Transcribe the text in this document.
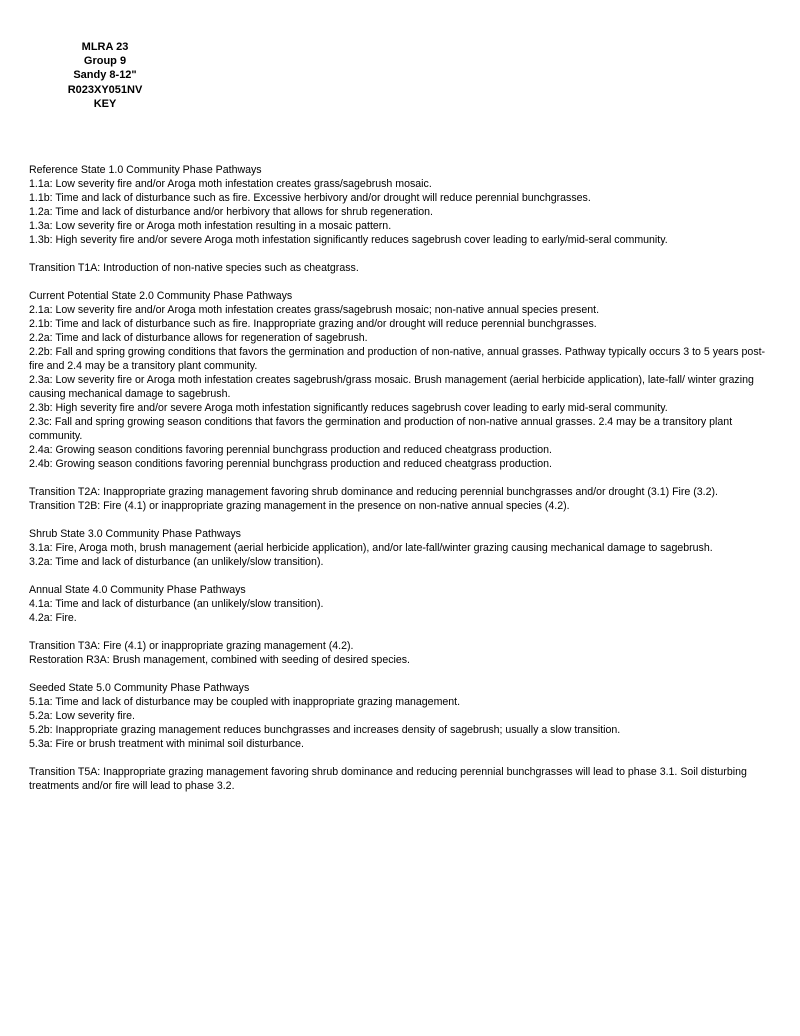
MLRA 23
Group 9
Sandy 8-12"
R023XY051NV
KEY
Reference State 1.0 Community Phase Pathways
1.1a: Low severity fire and/or Aroga moth infestation creates grass/sagebrush mosaic.
1.1b: Time and lack of disturbance such as fire. Excessive herbivory and/or drought will reduce perennial bunchgrasses.
1.2a: Time and lack of disturbance and/or herbivory that allows for shrub regeneration.
1.3a: Low severity fire or Aroga moth infestation resulting in a mosaic pattern.
1.3b: High severity fire and/or severe Aroga moth infestation significantly reduces sagebrush cover leading to early/mid-seral community.
Transition T1A: Introduction of non-native species such as cheatgrass.
Current Potential State 2.0 Community Phase Pathways
2.1a: Low severity fire and/or Aroga moth infestation creates grass/sagebrush mosaic; non-native annual species present.
2.1b: Time and lack of disturbance such as fire. Inappropriate grazing and/or drought will reduce perennial bunchgrasses.
2.2a: Time and lack of disturbance allows for regeneration of sagebrush.
2.2b: Fall and spring growing conditions that favors the germination and production of non-native, annual grasses. Pathway typically occurs 3 to 5 years post-fire and 2.4 may be a transitory plant community.
2.3a: Low severity fire or Aroga moth infestation creates sagebrush/grass mosaic. Brush management (aerial herbicide application), late-fall/ winter grazing causing mechanical damage to sagebrush.
2.3b: High severity fire and/or severe Aroga moth infestation significantly reduces sagebrush cover leading to early mid-seral community.
2.3c: Fall and spring growing season conditions that favors the germination and production of non-native annual grasses. 2.4 may be a transitory plant community.
2.4a: Growing season conditions favoring perennial bunchgrass production and reduced cheatgrass production.
2.4b: Growing season conditions favoring perennial bunchgrass production and reduced cheatgrass production.
Transition T2A: Inappropriate grazing management favoring shrub dominance and reducing perennial bunchgrasses and/or drought (3.1) Fire (3.2).
Transition T2B: Fire (4.1) or inappropriate grazing management in the presence on non-native annual species (4.2).
Shrub State 3.0 Community Phase Pathways
3.1a: Fire, Aroga moth, brush management (aerial herbicide application), and/or late-fall/winter grazing causing mechanical damage to sagebrush.
3.2a: Time and lack of disturbance (an unlikely/slow transition).
Annual State 4.0 Community Phase Pathways
4.1a: Time and lack of disturbance (an unlikely/slow transition).
4.2a: Fire.
Transition T3A: Fire (4.1) or inappropriate grazing management (4.2).
Restoration R3A: Brush management, combined with seeding of desired species.
Seeded State 5.0 Community Phase Pathways
5.1a: Time and lack of disturbance may be coupled with inappropriate grazing management.
5.2a: Low severity fire.
5.2b: Inappropriate grazing management reduces bunchgrasses and increases density of sagebrush; usually a slow transition.
5.3a: Fire or brush treatment with minimal soil disturbance.
Transition T5A: Inappropriate grazing management favoring shrub dominance and reducing perennial bunchgrasses will lead to phase 3.1. Soil disturbing treatments and/or fire will lead to phase 3.2.
